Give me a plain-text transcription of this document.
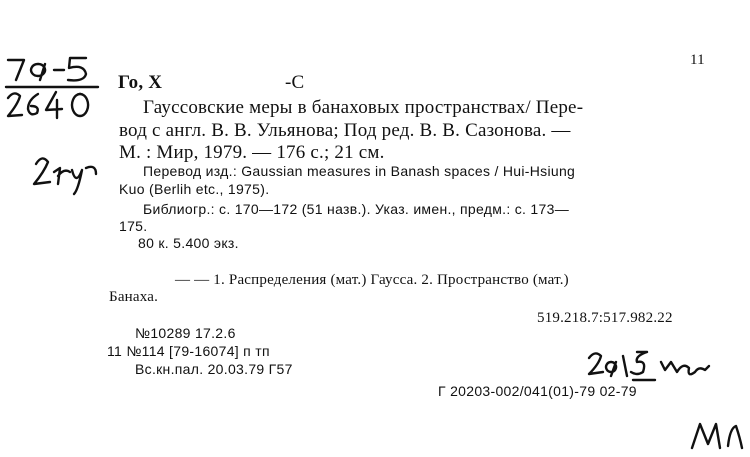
11
Го, Х	-С
Гауссовские меры в банаховых пространствах/ Пере-
вод с англ. В. В. Ульянова; Под ред. В. В. Сазонова. —
М. : Мир, 1979. — 176 с.; 21 см.
Перевод изд.: Gaussian measures in Banash spaces / Hui-Hsiung
Kuo (Berlih etc., 1975).
Библиогр.: с. 170—172 (51 назв.). Указ. имен., предм.: с. 173—
175.
80 к. 5.400 экз.
— — 1. Распределения (мат.) Гаусса. 2. Пространство (мат.)
Банаха.
519.218.7:517.982.22
№10289 17.2.6
11 №114 [79-16074] п тп
Вс.кн.пал. 20.03.79 Г57
Г 20203-002/041(01)-79 02-79
